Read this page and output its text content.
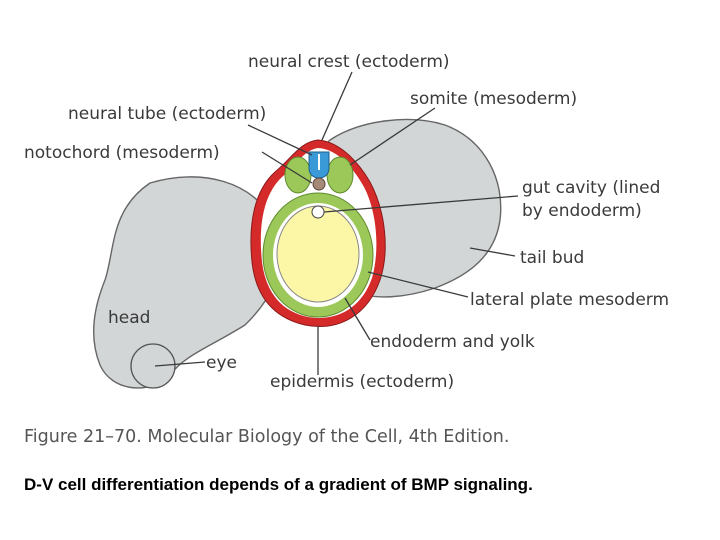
neural crest (ectoderm)
neural tube (ectoderm)
somite (mesoderm)
notochord (mesoderm)
gut cavity (lined
by endoderm)
tail bud
lateral plate mesoderm
head
endoderm and yolk
eye
epidermis (ectoderm)
Figure 21–70. Molecular Biology of the Cell, 4th Edition.
D-V cell differentiation depends of a gradient of BMP signaling.
